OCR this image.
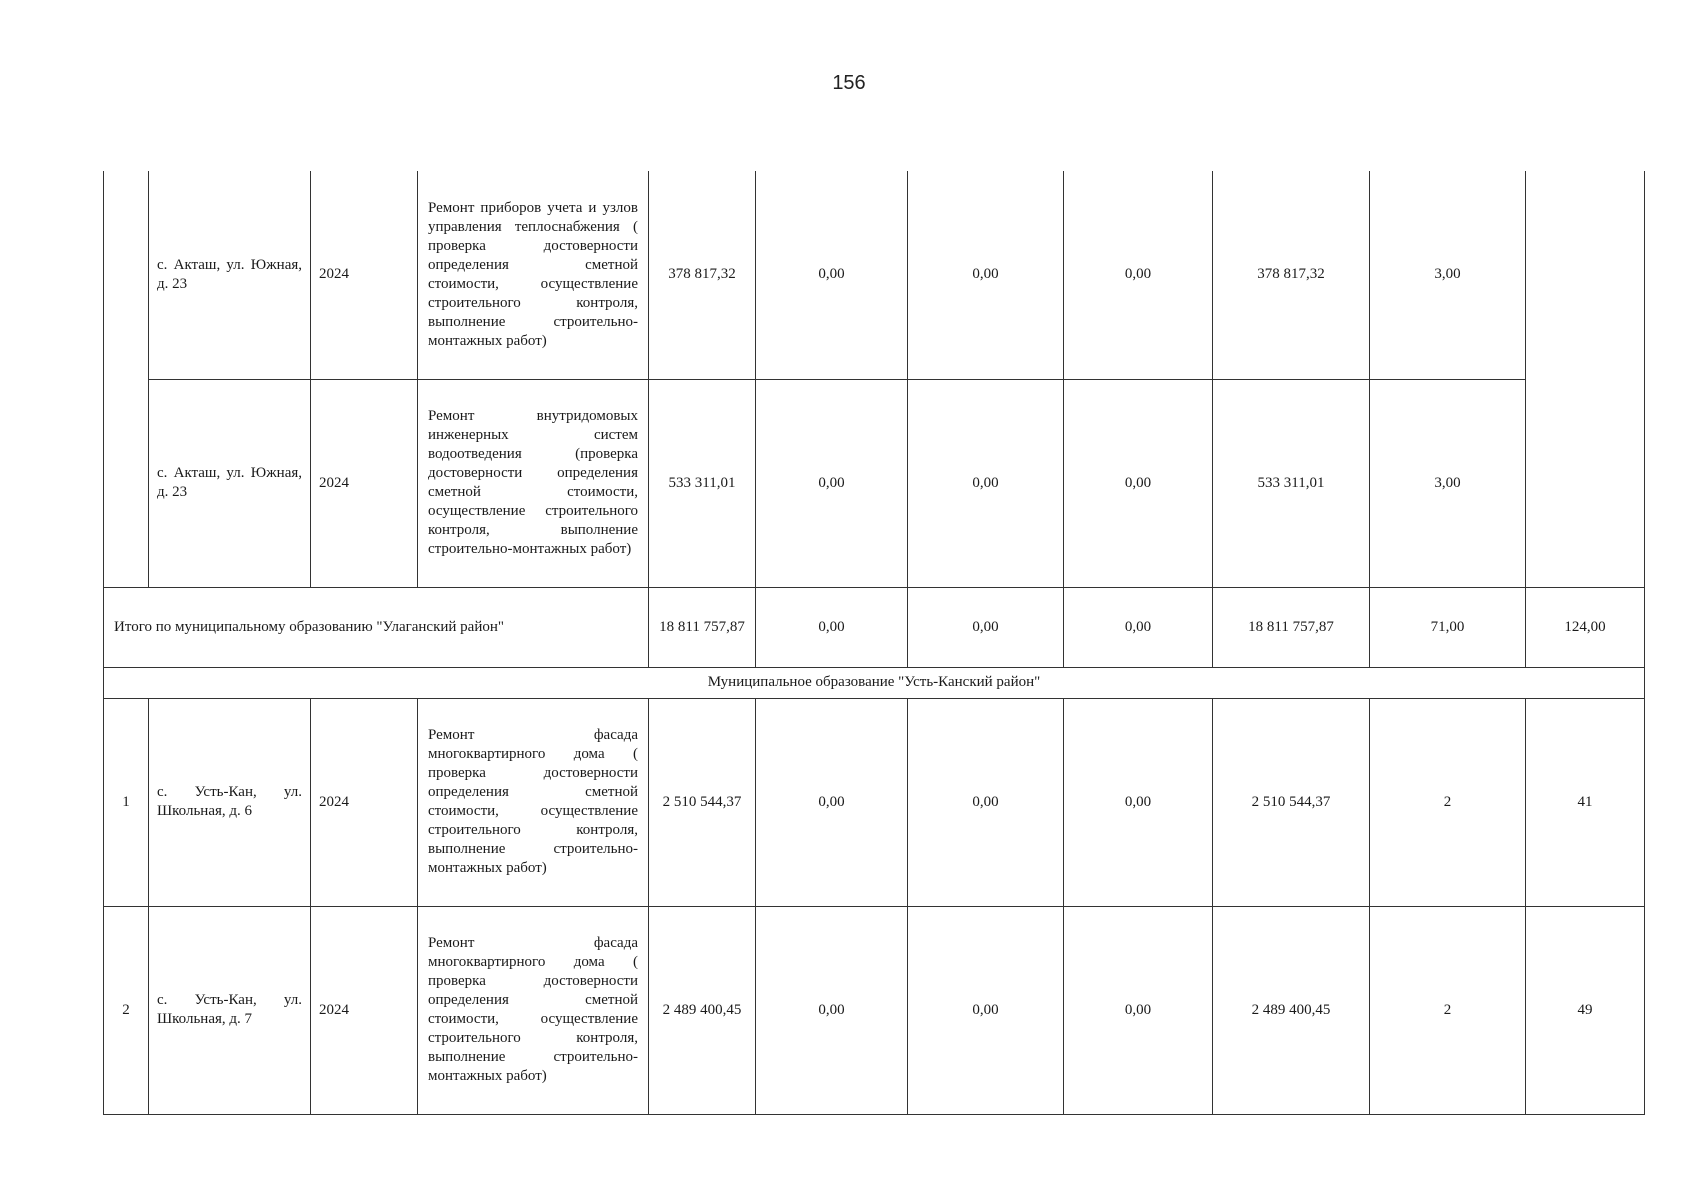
156
	с. Акташ, ул. Южная, д. 23	2024	Ремонт приборов учета и узлов управления теплоснабжения ( проверка достоверности определения сметной стоимости, осуществление строительного контроля, выполнение строительно-монтажных работ)	378 817,32	0,00	0,00	0,00	378 817,32	3,00	
	с. Акташ, ул. Южная, д. 23	2024	Ремонт внутридомовых инженерных систем водоотведения (проверка достоверности определения сметной стоимости, осуществление строительного контроля, выполнение строительно-монтажных работ)	533 311,01	0,00	0,00	0,00	533 311,01	3,00	
Итого по муниципальному образованию "Улаганский район"				18 811 757,87	0,00	0,00	0,00	18 811 757,87	71,00	124,00
Муниципальное образование "Усть-Канский район"										
1	с. Усть-Кан, ул. Школьная, д. 6	2024	Ремонт фасада многоквартирного дома ( проверка достоверности определения сметной стоимости, осуществление строительного контроля, выполнение строительно-монтажных работ)	2 510 544,37	0,00	0,00	0,00	2 510 544,37	2	41
2	с. Усть-Кан, ул. Школьная, д. 7	2024	Ремонт фасада многоквартирного дома ( проверка достоверности определения сметной стоимости, осуществление строительного контроля, выполнение строительно-монтажных работ)	2 489 400,45	0,00	0,00	0,00	2 489 400,45	2	49
